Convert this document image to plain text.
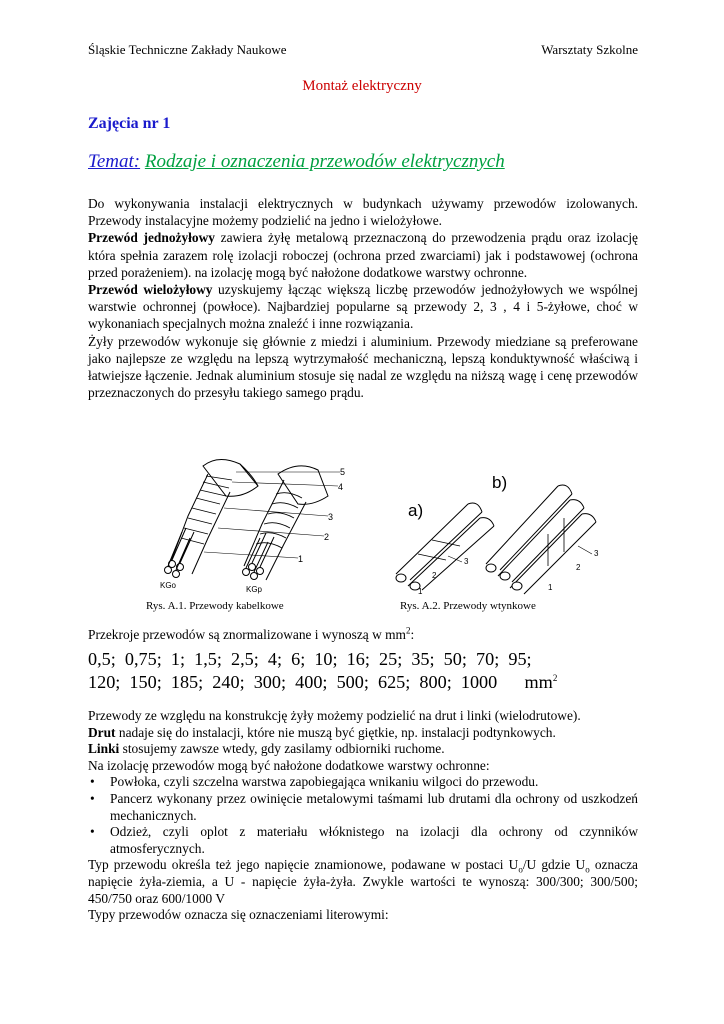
Śląskie Techniczne Zakłady Naukowe	Warsztaty Szkolne
Montaż elektryczny
Zajęcia nr 1
Temat: Rodzaje i oznaczenia przewodów elektrycznych

Do wykonywania instalacji elektrycznych w budynkach używamy przewodów izolowanych. Przewody instalacyjne możemy podzielić na jedno i wielożyłowe.

Przewód jednożyłowy zawiera żyłę metalową przeznaczoną do przewodzenia prądu oraz izolację która spełnia zarazem rolę izolacji roboczej (ochrona przed zwarciami) jak i podstawowej (ochrona przed porażeniem). na izolację mogą być nałożone dodatkowe warstwy ochronne.

Przewód wielożyłowy uzyskujemy łącząc większą liczbę przewodów jednożyłowych we wspólnej warstwie ochronnej (powłoce). Najbardziej popularne są przewody 2, 3 , 4 i 5-żyłowe, choć w wykonaniach specjalnych można znaleźć i inne rozwiązania.

Żyły przewodów wykonuje się głównie z miedzi i aluminium. Przewody miedziane są preferowane jako najlepsze ze względu na lepszą wytrzymałość mechaniczną, lepszą konduktywność właściwą i łatwiejsze łączenie. Jednak aluminium stosuje się nadal ze względu na niższą wagę i cenę przewodów przeznaczonych do przesyłu takiego samego prądu.

5
4
3
2
1
KGo	KGp
b)
a)
3
2
1
3
2
1
Rys. A.1. Przewody kabelkowe	Rys. A.2. Przewody wtynkowe
Przekroje przewodów są znormalizowane i wynoszą w $mm^2$:
0,5;  0,75;  1;  1,5;  2,5;  4;  6;  10;  16;  25;  35;  50;  70;  95;
120;  150;  185;  240;  300;  400;  500;  625;  800;  1000      $mm^2$

Przewody ze względu na konstrukcję żyły możemy podzielić na drut i linki (wielodrutowe).

Drut nadaje się do instalacji, które nie muszą być giętkie, np. instalacji podtynkowych.

Linki stosujemy zawsze wtedy, gdy zasilamy odbiorniki ruchome.

Na izolację przewodów mogą być nałożone dodatkowe warstwy ochronne:

• Powłoka, czyli szczelna warstwa zapobiegająca wnikaniu wilgoci do przewodu.
• Pancerz wykonany przez owinięcie metalowymi taśmami lub drutami dla ochrony od uszkodzeń mechanicznych.
• Odzież, czyli oplot z materiału włóknistego na izolacji dla ochrony od czynników atmosferycznych.

Typ przewodu określa też jego napięcie znamionowe, podawane w postaci $U_o/U$ gdzie $U_o$ oznacza napięcie żyła-ziemia, a U - napięcie żyła-żyła. Zwykle wartości te wynoszą: 300/300; 300/500; 450/750 oraz 600/1000 V

Typy przewodów oznacza się oznaczeniami literowymi:
